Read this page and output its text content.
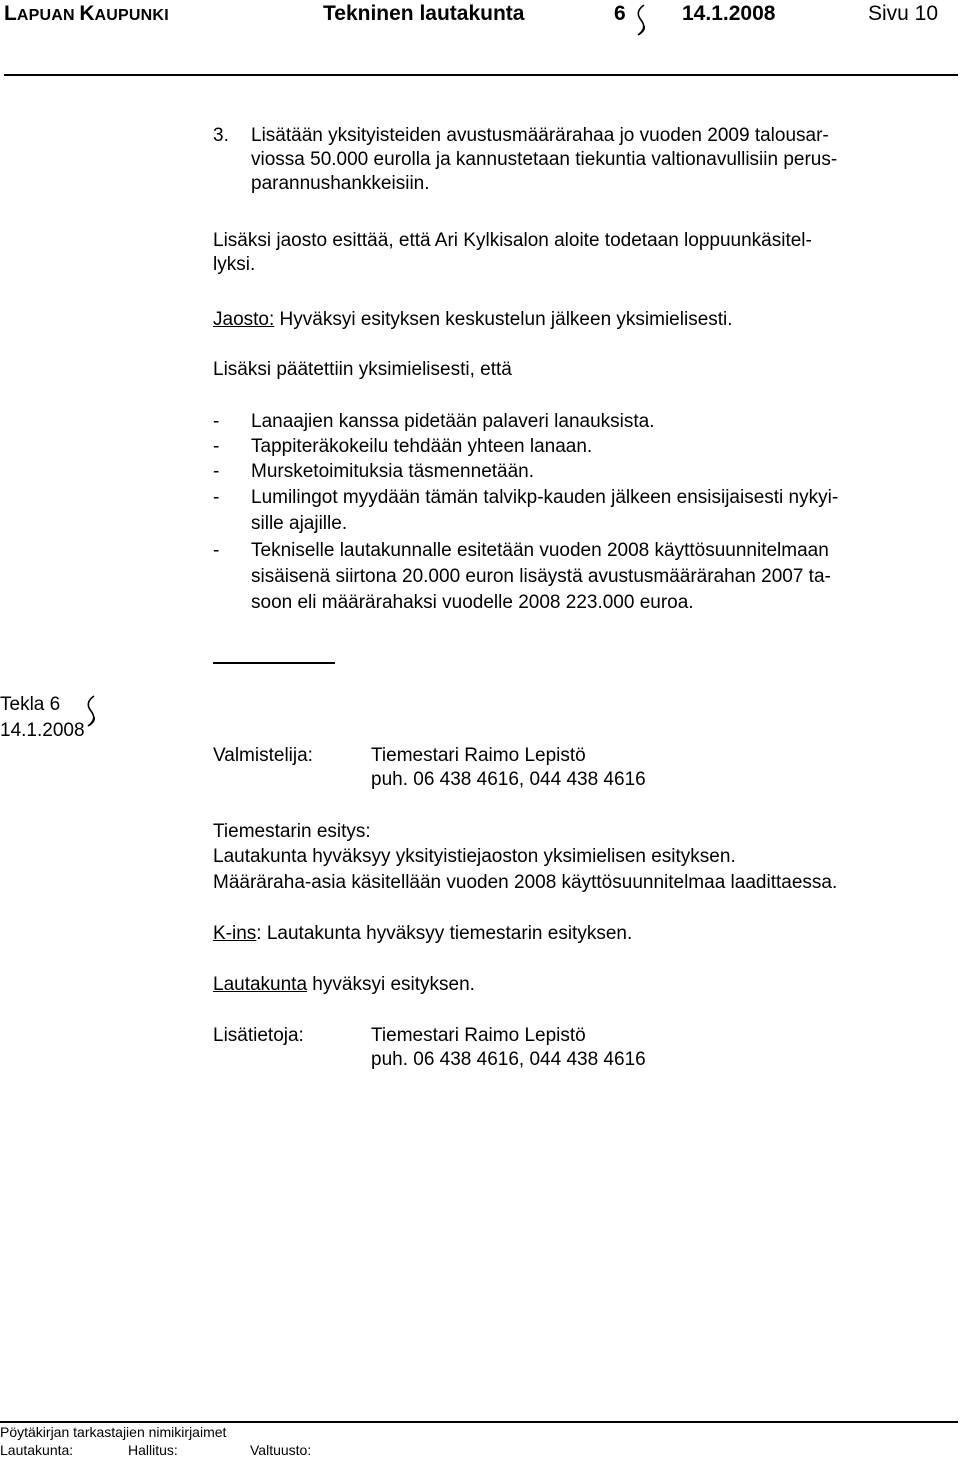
LAPUAN KAUPUNKI	Tekninen lautakunta	6	14.1.2008	Sivu 10
3. Lisätään yksityisteiden avustusmäärärahaa jo vuoden 2009 talousar-
viossa 50.000 eurolla ja kannustetaan tiekuntia valtionavullisiin perus-
parannushankkeisiin.
Lisäksi jaosto esittää, että Ari Kylkisalon aloite todetaan loppuunkäsitel-
lyksi.
Jaosto: Hyväksyi esityksen keskustelun jälkeen yksimielisesti.
Lisäksi päätettiin yksimielisesti, että
- Lanaajien kanssa pidetään palaveri lanauksista.
- Tappiteräkokeilu tehdään yhteen lanaan.
- Mursketoimituksia täsmennetään.
- Lumilingot myydään tämän talvikp-kauden jälkeen ensisijaisesti nykyi-
sille ajajille.
- Tekniselle lautakunnalle esitetään vuoden 2008 käyttösuunnitelmaan
sisäisenä siirtona 20.000 euron lisäystä avustusmäärärahan 2007 ta-
soon eli määrärahaksi vuodelle 2008 223.000 euroa.
Tekla 6
14.1.2008
Valmistelija:	Tiemestari Raimo Lepistö
puh. 06 438 4616, 044 438 4616
Tiemestarin esitys:
Lautakunta hyväksyy yksityistiejaoston yksimielisen esityksen.
Määräraha-asia käsitellään vuoden 2008 käyttösuunnitelmaa laadittaessa.
K-ins: Lautakunta hyväksyy tiemestarin esityksen.
Lautakunta hyväksyi esityksen.
Lisätietoja:	Tiemestari Raimo Lepistö
puh. 06 438 4616, 044 438 4616
Pöytäkirjan tarkastajien nimikirjaimet
Lautakunta:	Hallitus:	Valtuusto:
